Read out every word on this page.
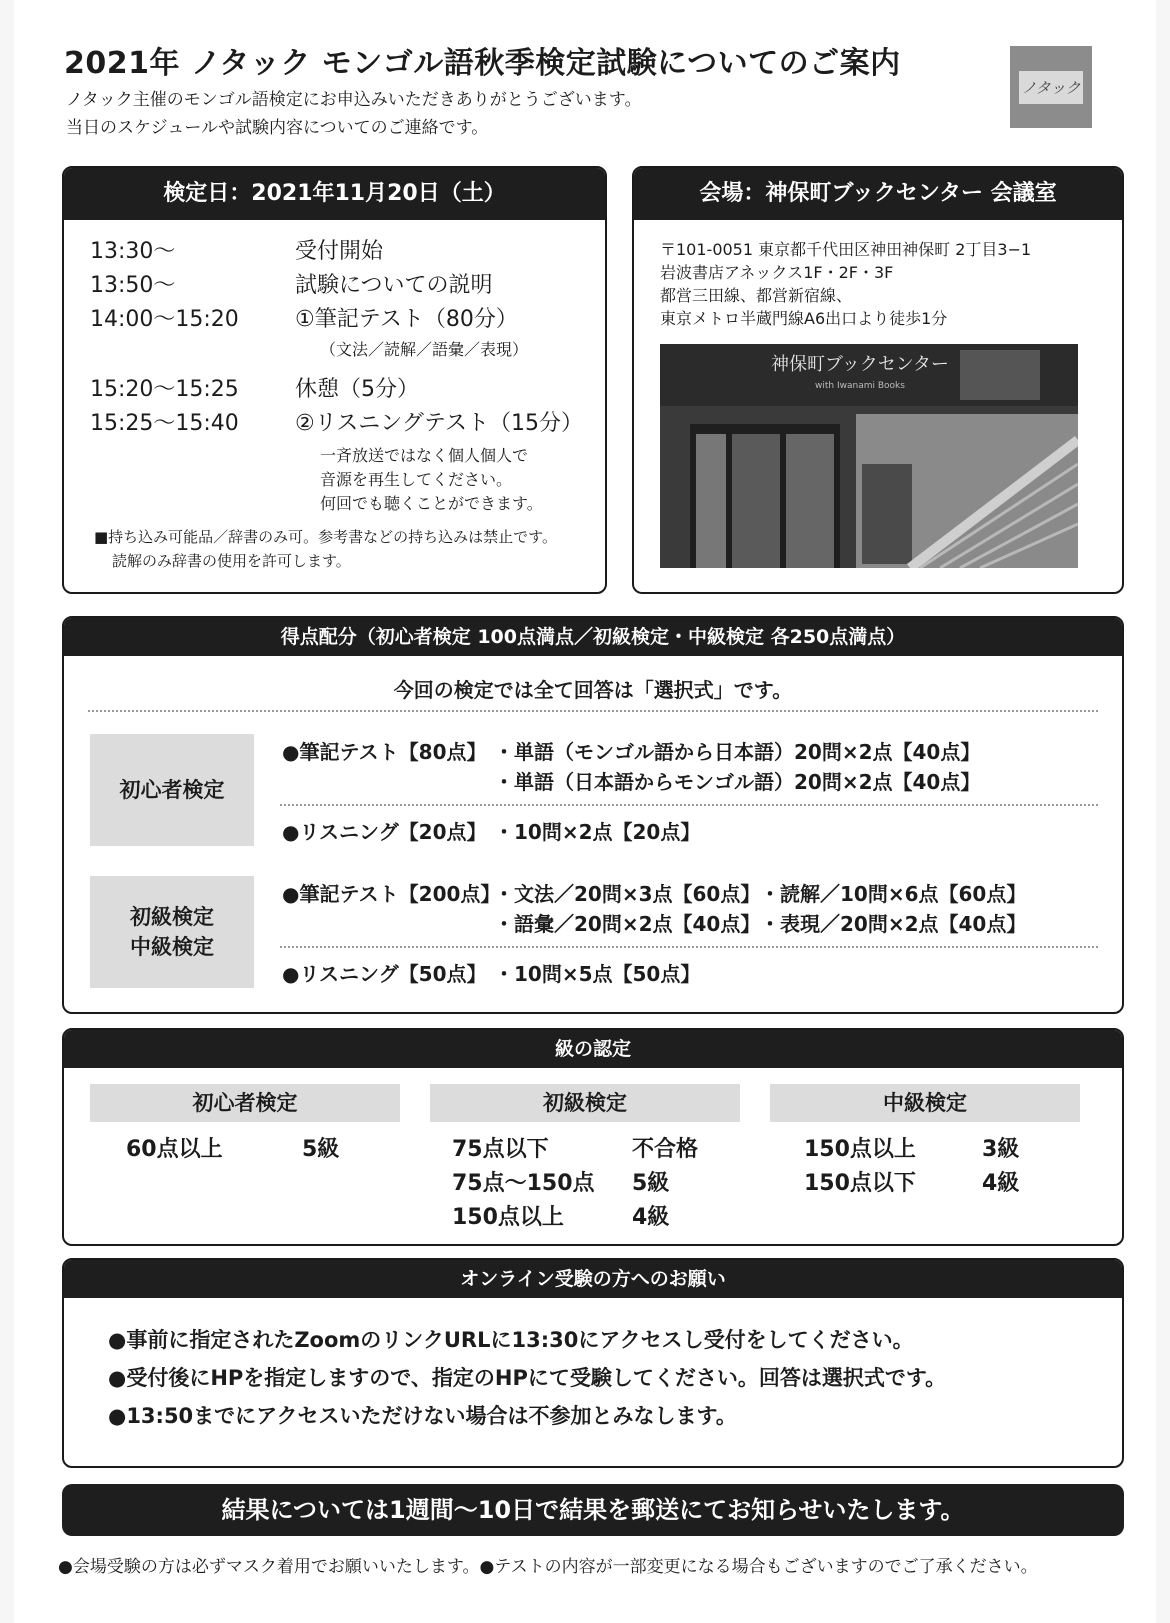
2021年 ノタック モンゴル語秋季検定試験についてのご案内
ノタック主催のモンゴル語検定にお申込みいただきありがとうございます。
当日のスケジュールや試験内容についてのご連絡です。
ノタック
検定日：2021年11月20日（土）
13:30〜	受付開始
13:50〜	試験についての説明
14:00〜15:20	①筆記テスト（80分）
（文法／読解／語彙／表現）
15:20〜15:25	休憩（5分）
15:25〜15:40	②リスニングテスト（15分）
一斉放送ではなく個人個人で
音源を再生してください。
何回でも聴くことができます。
■持ち込み可能品／辞書のみ可。参考書などの持ち込みは禁止です。
読解のみ辞書の使用を許可します。
会場：神保町ブックセンター 会議室
〒101-0051 東京都千代田区神田神保町 2丁目3−1
岩波書店アネックス1F・2F・3F
都営三田線、都営新宿線、
東京メトロ半蔵門線A6出口より徒歩1分
神保町ブックセンター
with Iwanami Books
得点配分（初心者検定 100点満点／初級検定・中級検定 各250点満点）
今回の検定では全て回答は「選択式」です。
初心者検定
●筆記テスト【80点】 ・単語（モンゴル語から日本語）20問×2点【40点】
・単語（日本語からモンゴル語）20問×2点【40点】
●リスニング【20点】 ・10問×2点【20点】
初級検定
中級検定
●筆記テスト【200点】
・文法／20問×3点【60点】 ・読解／10問×6点【60点】
・語彙／20問×2点【40点】 ・表現／20問×2点【40点】
●リスニング【50点】 ・10問×5点【50点】
級の認定
初心者検定
60点以上	5級
初級検定
75点以下	不合格
75点〜150点 5級
150点以上	4級
中級検定
150点以上	3級
150点以下	4級
オンライン受験の方へのお願い
●事前に指定されたZoomのリンクURLに13:30にアクセスし受付をしてください。
●受付後にHPを指定しますので、指定のHPにて受験してください。回答は選択式です。
●13:50までにアクセスいただけない場合は不参加とみなします。
結果については1週間〜10日で結果を郵送にてお知らせいたします。
●会場受験の方は必ずマスク着用でお願いいたします。●テストの内容が一部変更になる場合もございますのでご了承ください。
